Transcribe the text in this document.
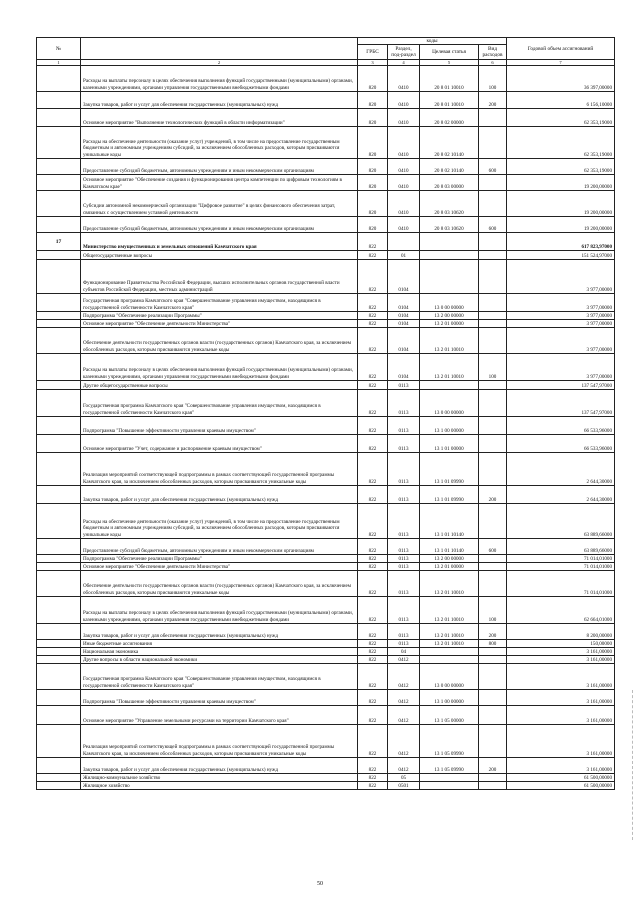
№		коды				Годовой объем ассигнований
		ГРБС	Раздел, под-раздел	Целевая статья	Вид расходов	
1	2	3	4	5	6	7
	Расходы на выплаты персоналу в целях обеспечения выполнения функций государственными (муниципальными) органами, казенными учреждениями, органами управления государственными внебюджетными фондами	820	0410	20 8 01 10010	100	36 397,00000
	Закупка товаров, работ и услуг для обеспечения государственных (муниципальных) нужд	820	0410	20 8 01 10010	200	6 156,10000
	Основное мероприятие "Выполнение технологических функций в области информатизации"	820	0410	20 8 02 00000		62 353,19000
	Расходы на обеспечение деятельности (оказание услуг) учреждений, в том числе на предоставление государственным бюджетным и автономным учреждениям субсидий, за исключением обособленных расходов, которым присваиваются уникальные коды	820	0410	20 8 02 10140		62 353,19000
	Предоставление субсидий бюджетным, автономным учреждениям и иным некоммерческим организациям	820	0410	20 8 02 10140	600	62 353,19000
	Основное мероприятие "Обеспечение создания и функционирования центра компетенции по цифровым технологиям в Камчатском крае"	820	0410	20 8 03 00000		19 200,00000
	Субсидии автономной некоммерческой организации "Цифровое развитие" в целях финансового обеспечения затрат, связанных с осуществлением уставной деятельности	820	0410	20 8 03 10620		19 200,00000
	Предоставление субсидий бюджетным, автономным учреждениям и иным некоммерческим организациям	820	0410	20 8 03 10620	600	19 200,00000
17	Министерство имущественных и земельных отношений Камчатского края	822				617 823,97000
	Общегосударственные вопросы	822	01			151 524,97000
	Функционирование Правительства Российской Федерации, высших исполнительных органов государственной власти субъектов Российской Федерации, местных администраций	822	0104			3 977,00000
	Государственная программа Камчатского края "Совершенствование управления имуществом, находящимся в государственной собственности Камчатского края"	822	0104	13 0 00 00000		3 977,00000
	Подпрограмма "Обеспечение реализации Программы"	822	0104	13 2 00 00000		3 977,00000
	Основное мероприятие "Обеспечение деятельности Министерства"	822	0104	13 2 01 00000		3 977,00000
	Обеспечение деятельности государственных органов власти (государственных органов) Камчатского края, за исключением обособленных расходов, которым присваиваются уникальные коды	822	0104	13 2 01 10010		3 977,00000
	Расходы на выплаты персоналу в целях обеспечения выполнения функций государственными (муниципальными) органами, казенными учреждениями, органами управления государственными внебюджетными фондами	822	0104	13 2 01 10010	100	3 977,00000
	Другие общегосударственные вопросы	822	0113			137 547,97000
	Государственная программа Камчатского края "Совершенствование управления имуществом, находящимся в государственной собственности Камчатского края"	822	0113	13 0 00 00000		137 547,97000
	Подпрограмма "Повышение эффективности управления краевым имуществом"	822	0113	13 1 00 00000		66 533,96000
	Основное мероприятие "Учет, содержание и распоряжение краевым имуществом"	822	0113	13 1 01 00000		66 533,96000
	Реализация мероприятий соответствующей подпрограммы в рамках соответствующей государственной программы Камчатского края, за исключением обособленных расходов, которым присваиваются уникальные коды	822	0113	13 1 01 09990		2 644,30000
	Закупка товаров, работ и услуг для обеспечения государственных (муниципальных) нужд	822	0113	13 1 01 09990	200	2 644,30000
	Расходы на обеспечение деятельности (оказание услуг) учреждений, в том числе на предоставление государственным бюджетным и автономным учреждениям субсидий, за исключением обособленных расходов, которым присваиваются уникальные коды	822	0113	13 1 01 10140		63 889,66000
	Предоставление субсидий бюджетным, автономным учреждениям и иным некоммерческим организациям	822	0113	13 1 01 10140	600	63 889,66000
	Подпрограмма "Обеспечение реализации Программы"	822	0113	13 2 00 00000		71 014,01000
	Основное мероприятие "Обеспечение деятельности Министерства"	822	0113	13 2 01 00000		71 014,01000
	Обеспечение деятельности государственных органов власти (государственных органов) Камчатского края, за исключением обособленных расходов, которым присваиваются уникальные коды	822	0113	13 2 01 10010		71 014,01000
	Расходы на выплаты персоналу в целях обеспечения выполнения функций государственными (муниципальными) органами, казенными учреждениями, органами управления государственными внебюджетными фондами	822	0113	13 2 01 10010	100	62 664,01000
	Закупка товаров, работ и услуг для обеспечения государственных (муниципальных) нужд	822	0113	13 2 01 10010	200	8 200,00000
	Иные бюджетные ассигнования	822	0113	13 2 01 10010	800	150,00000
	Национальная экономика	822	04			3 161,00000
	Другие вопросы в области национальной экономики	822	0412			3 161,00000
	Государственная программа Камчатского края "Совершенствование управления имуществом, находящимся в государственной собственности Камчатского края"	822	0412	13 0 00 00000		3 161,00000
	Подпрограмма "Повышение эффективности управления краевым имуществом"	822	0412	13 1 00 00000		3 161,00000
	Основное мероприятие "Управление земельными ресурсами на территории Камчатского края"	822	0412	13 1 05 00000		3 161,00000
	Реализация мероприятий соответствующей подпрограммы в рамках соответствующей государственной программы Камчатского края, за исключением обособленных расходов, которым присваиваются уникальные коды	822	0412	13 1 05 09990		3 161,00000
	Закупка товаров, работ и услуг для обеспечения государственных (муниципальных) нужд	822	0412	13 1 05 09990	200	3 161,00000
	Жилищно-коммунальное хозяйство	822	05			61 500,00000
	Жилищное хозяйство	822	0501			61 500,00000
50
